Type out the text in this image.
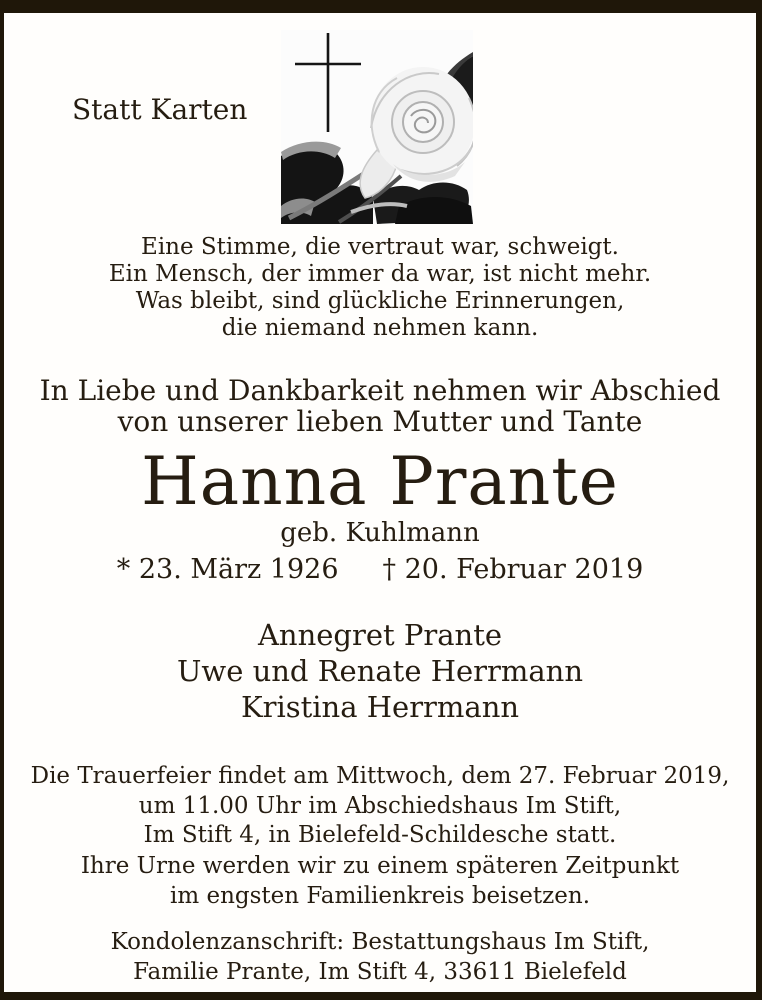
Statt Karten
Eine Stimme, die vertraut war, schweigt.
Ein Mensch, der immer da war, ist nicht mehr.
Was bleibt, sind glückliche Erinnerungen,
die niemand nehmen kann.
In Liebe und Dankbarkeit nehmen wir Abschied
von unserer lieben Mutter und Tante
Hanna Prante
geb. Kuhlmann
* 23. März 1926 † 20. Februar 2019
Annegret Prante
Uwe und Renate Herrmann
Kristina Herrmann
Die Trauerfeier findet am Mittwoch, dem 27. Februar 2019,
um 11.00 Uhr im Abschiedshaus Im Stift,
Im Stift 4, in Bielefeld-Schildesche statt.
Ihre Urne werden wir zu einem späteren Zeitpunkt
im engsten Familienkreis beisetzen.
Kondolenzanschrift: Bestattungshaus Im Stift,
Familie Prante, Im Stift 4, 33611 Bielefeld
